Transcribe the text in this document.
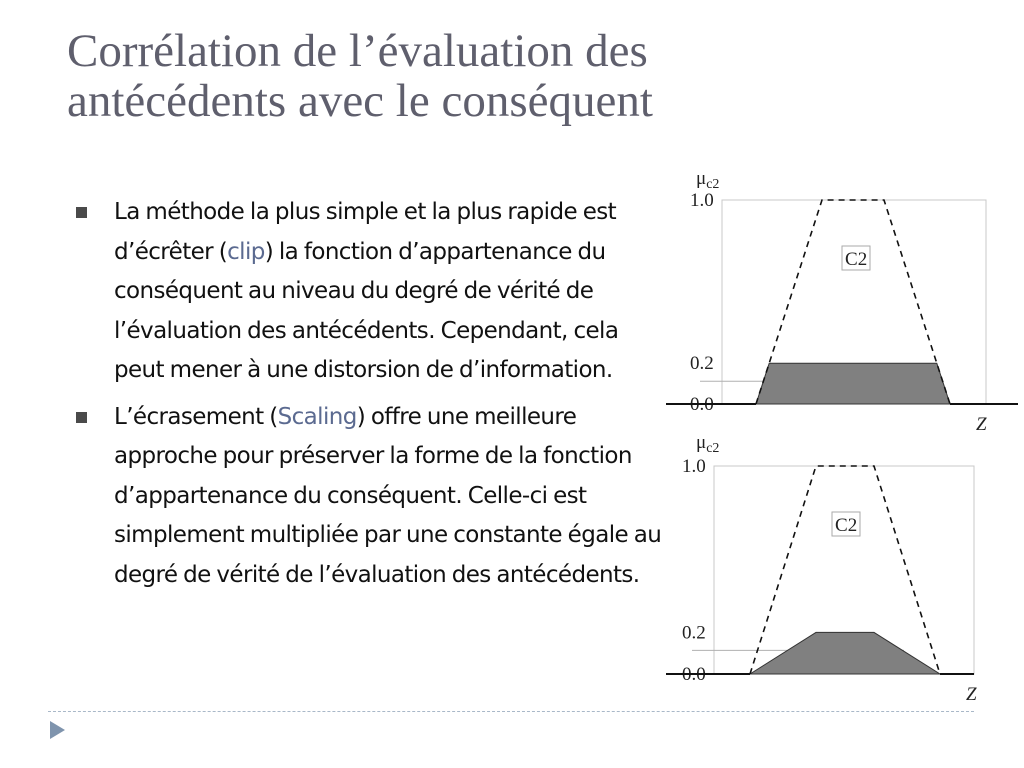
Corrélation de l’évaluation des
antécédents avec le conséquent
La méthode la plus simple et la plus rapide est d’écrêter (clip) la fonction d’appartenance du conséquent au niveau du degré de vérité de l’évaluation des antécédents. Cependant, cela peut mener à une distorsion de d’information.
L’écrasement (Scaling) offre une meilleure approche pour préserver la forme de la fonction d’appartenance du conséquent. Celle-ci est simplement multipliée par une constante égale au degré de vérité de l’évaluation des antécédents.
1.0
0.2
0.0
C2
$\mu_{c2}$
Z
1.0
0.2
0.0
C2
$\mu_{c2}$
Z
